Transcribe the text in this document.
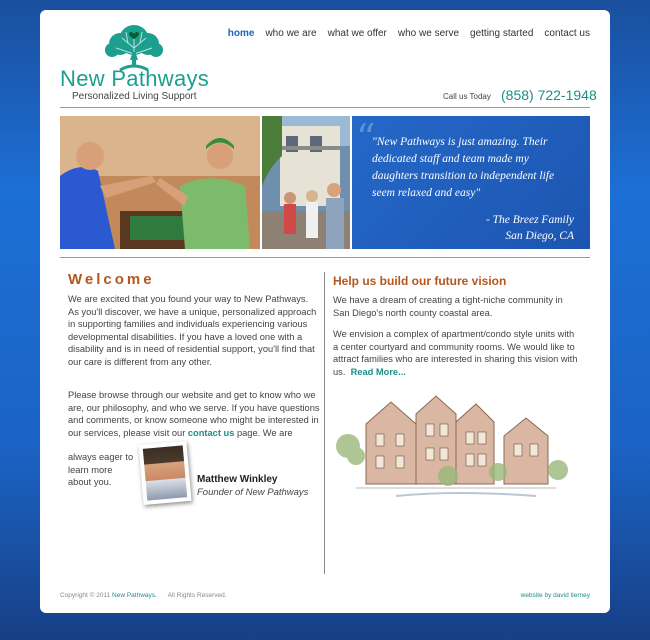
New Pathways
Personalized Living Support
home who we are what we offer who we serve getting started contact us
Call us Today (858) 722-1948
“
"New Pathways is just amazing. Their dedicated staff and team made my daughters transition to independent life seem relaxed and easy"
- The Breez Family
San Diego, CA
Welcome
We are excited that you found your way to New Pathways. As you'll discover, we have a unique, personalized approach in supporting families and individuals experiencing various developmental disabilities. If you have a loved one with a disability and is in need of residential support, you'll find that our care is different from any other.
Please browse through our website and get to know who we are, our philosophy, and who we serve. If you have questions and comments, or know someone who might be interested in our services, please visit our contact us page. We are
always eager to learn more about you.	Matthew Winkley
Founder of New Pathways
Help us build our future vision
We have a dream of creating a tight-niche community in San Diego's north county coastal area.
We envision a complex of apartment/condo style units with a center courtyard and community rooms. We would like to attract families who are interested in sharing this vision with us. Read More...
Copyright © 2011 New Pathways. All Rights Reserved.	website by david tierney
